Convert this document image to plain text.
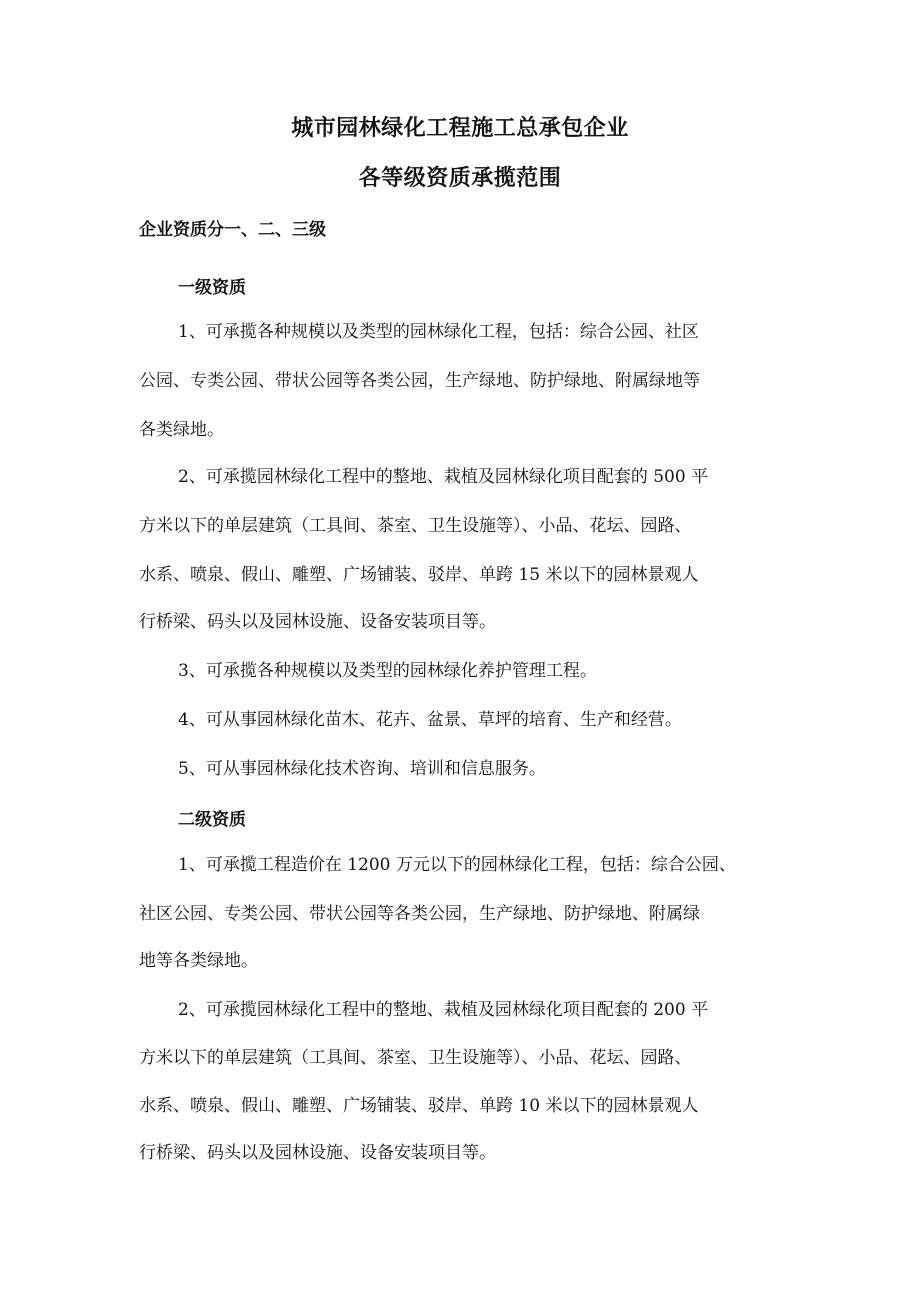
城市园林绿化工程施工总承包企业
各等级资质承揽范围
企业资质分一、二、三级
一级资质
1、可承揽各种规模以及类型的园林绿化工程，包括：综合公园、社区
公园、专类公园、带状公园等各类公园，生产绿地、防护绿地、附属绿地等
各类绿地。
2、可承揽园林绿化工程中的整地、栽植及园林绿化项目配套的 500 平
方米以下的单层建筑（工具间、茶室、卫生设施等）、小品、花坛、园路、
水系、喷泉、假山、雕塑、广场铺装、驳岸、单跨 15 米以下的园林景观人
行桥梁、码头以及园林设施、设备安装项目等。
3、可承揽各种规模以及类型的园林绿化养护管理工程。
4、可从事园林绿化苗木、花卉、盆景、草坪的培育、生产和经营。
5、可从事园林绿化技术咨询、培训和信息服务。
二级资质
1、可承揽工程造价在 1200 万元以下的园林绿化工程，包括：综合公园、
社区公园、专类公园、带状公园等各类公园，生产绿地、防护绿地、附属绿
地等各类绿地。
2、可承揽园林绿化工程中的整地、栽植及园林绿化项目配套的 200 平
方米以下的单层建筑（工具间、茶室、卫生设施等）、小品、花坛、园路、
水系、喷泉、假山、雕塑、广场铺装、驳岸、单跨 10 米以下的园林景观人
行桥梁、码头以及园林设施、设备安装项目等。
